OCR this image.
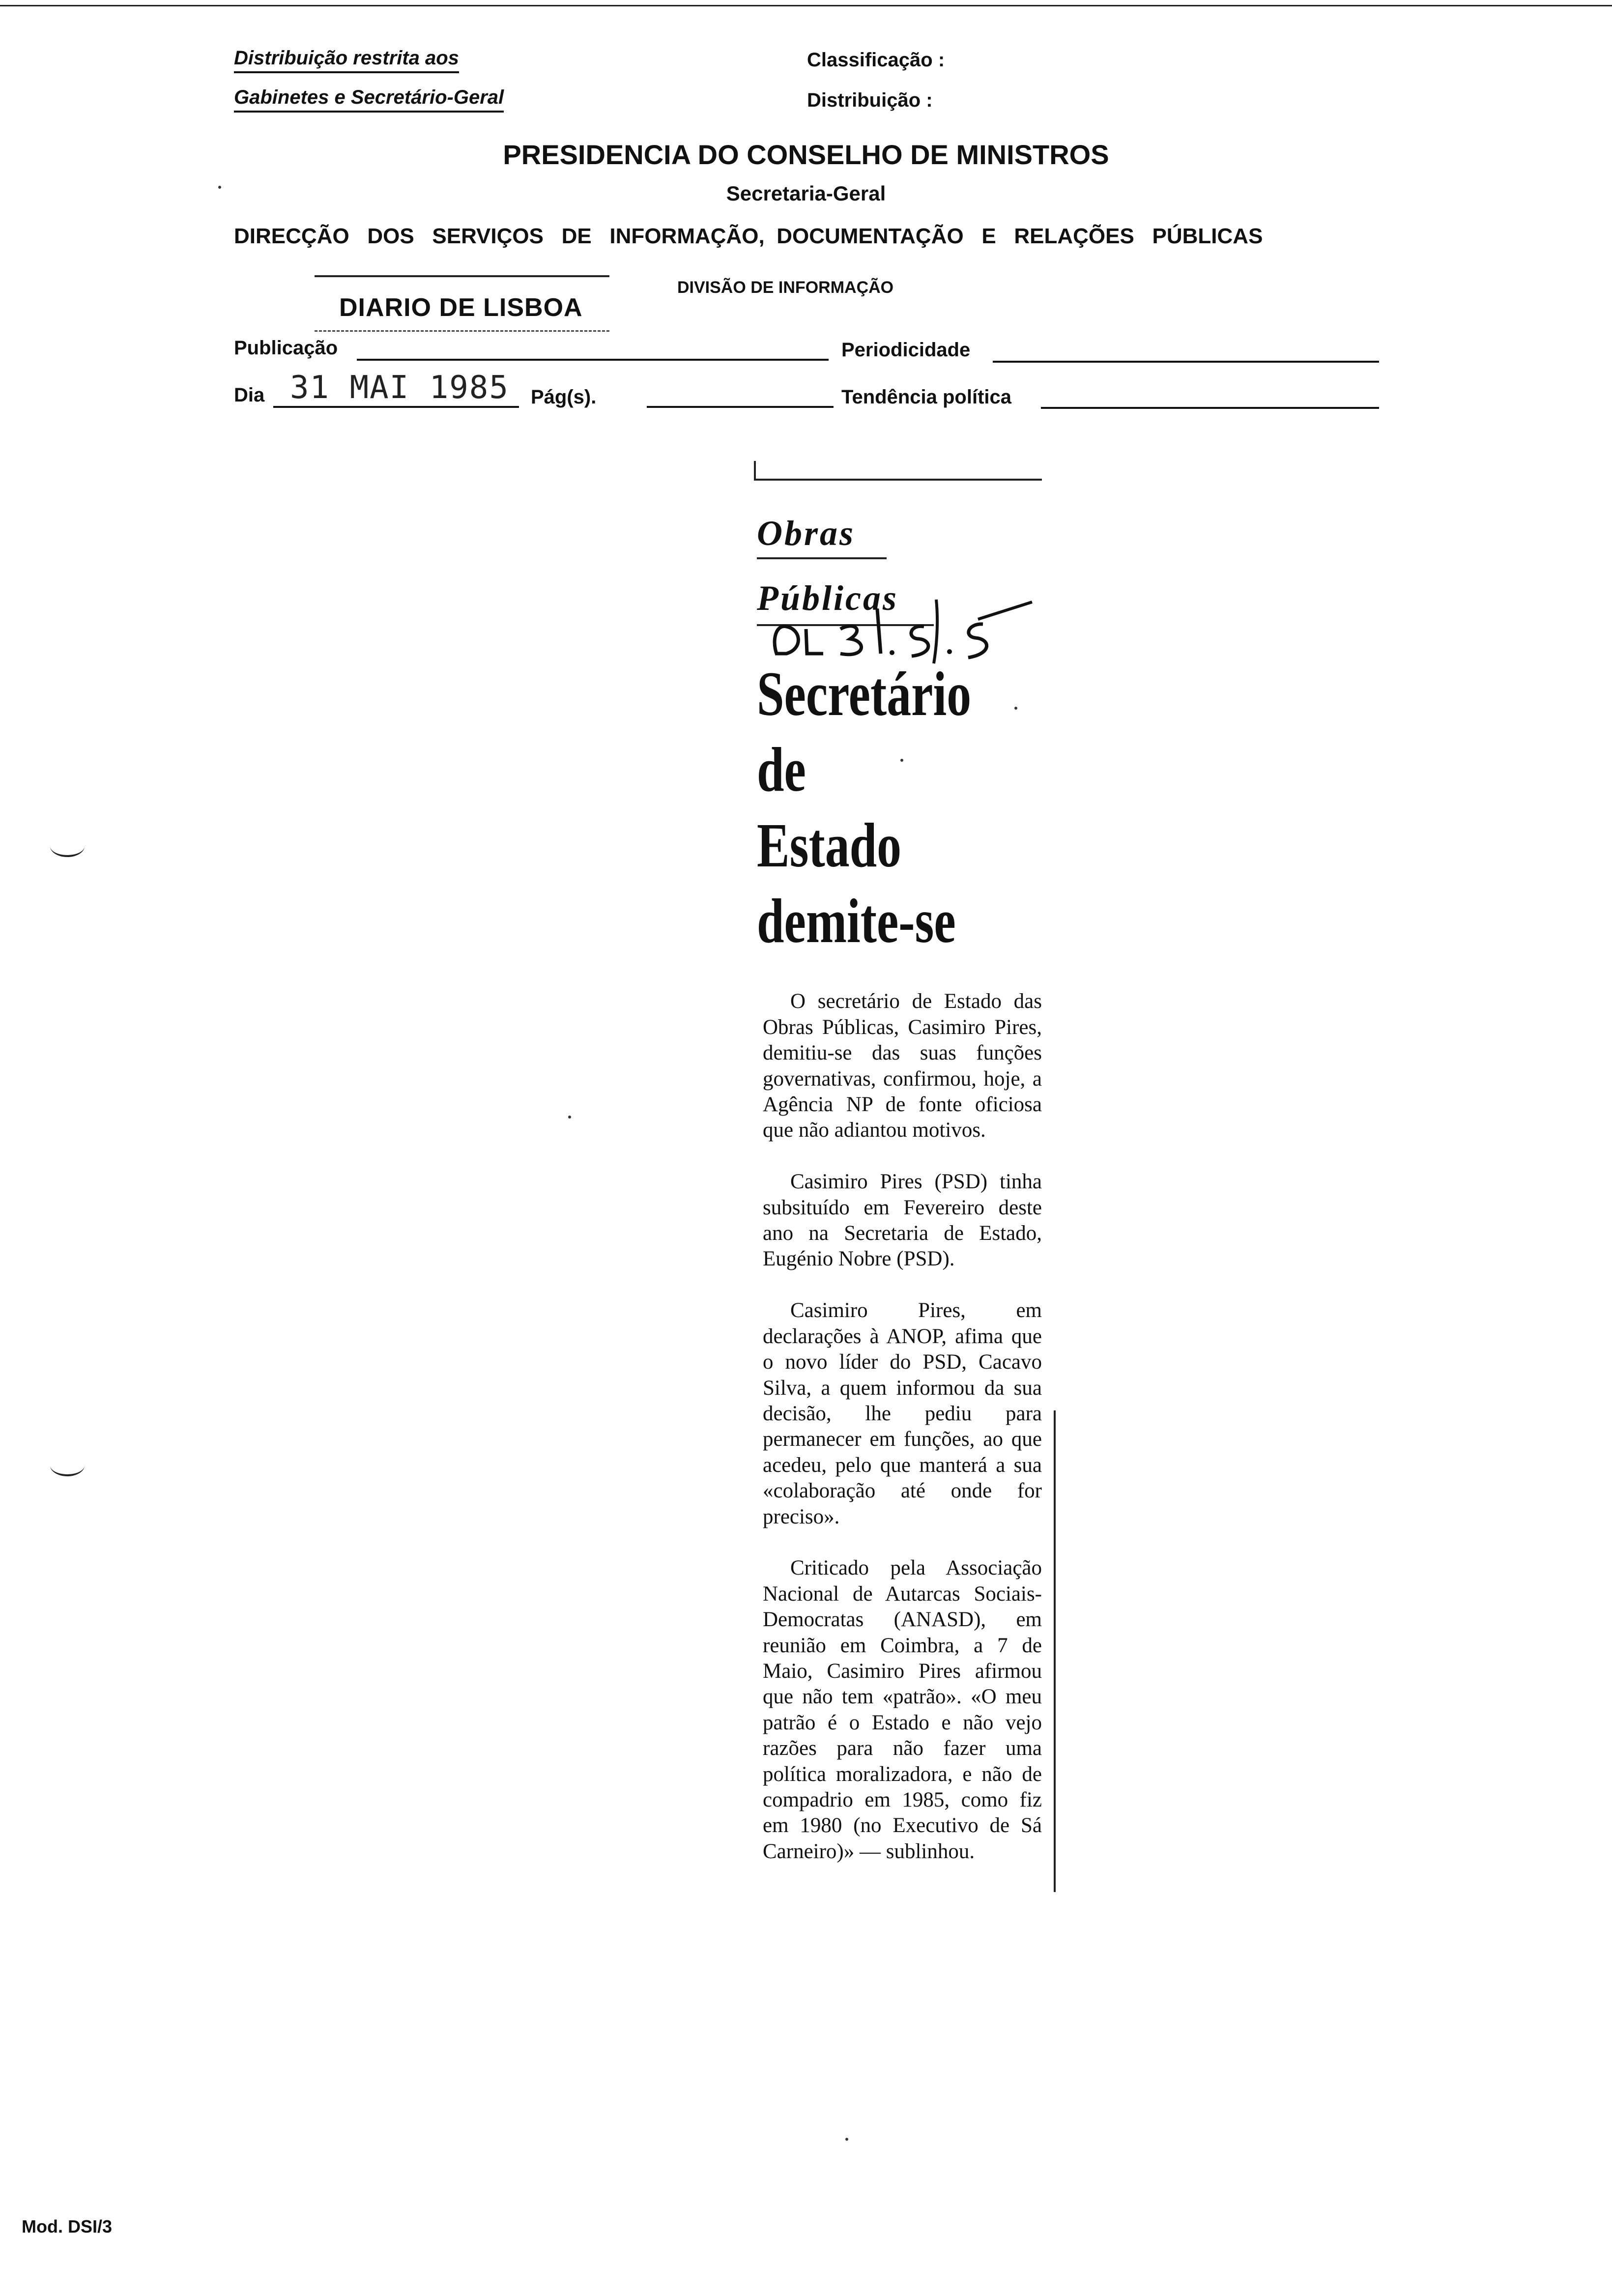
Distribuição restrita aos
Gabinetes e Secretário-Geral
Classificação :
Distribuição :
PRESIDENCIA DO CONSELHO DE MINISTROS
Secretaria-Geral
DIRECÇÃO   DOS   SERVIÇOS   DE   INFORMAÇÃO,  DOCUMENTAÇÃO   E   RELAÇÕES   PÚBLICAS
DIVISÃO DE INFORMAÇÃO
DIARIO DE LISBOA
Publicação	Periodicidade
Dia 31 MAI 1985 Pág(s).	Tendência política
Obras
Públicas
Secretário
de
Estado
demite-se

O secretário de Estado das Obras Públicas, Casimiro Pires, demitiu-se das suas funções governativas, confirmou, hoje, a Agência NP de fonte oficiosa que não adiantou motivos.

Casimiro Pires (PSD) tinha subsituído em Fevereiro deste ano na Secretaria de Estado, Eugénio Nobre (PSD).

Casimiro Pires, em declarações à ANOP, afima que o novo líder do PSD, Cacavo Silva, a quem informou da sua decisão, lhe pediu para permanecer em funções, ao que acedeu, pelo que manterá a sua «colaboração até onde for preciso».

Criticado pela Associação Nacional de Autarcas Sociais-Democratas (ANASD), em reunião em Coimbra, a 7 de Maio, Casimiro Pires afirmou que não tem «patrão». «O meu patrão é o Estado e não vejo razões para não fazer uma política moralizadora, e não de compadrio em 1985, como fiz em 1980 (no Executivo de Sá Carneiro)» — sublinhou.

Mod. DSI/3
